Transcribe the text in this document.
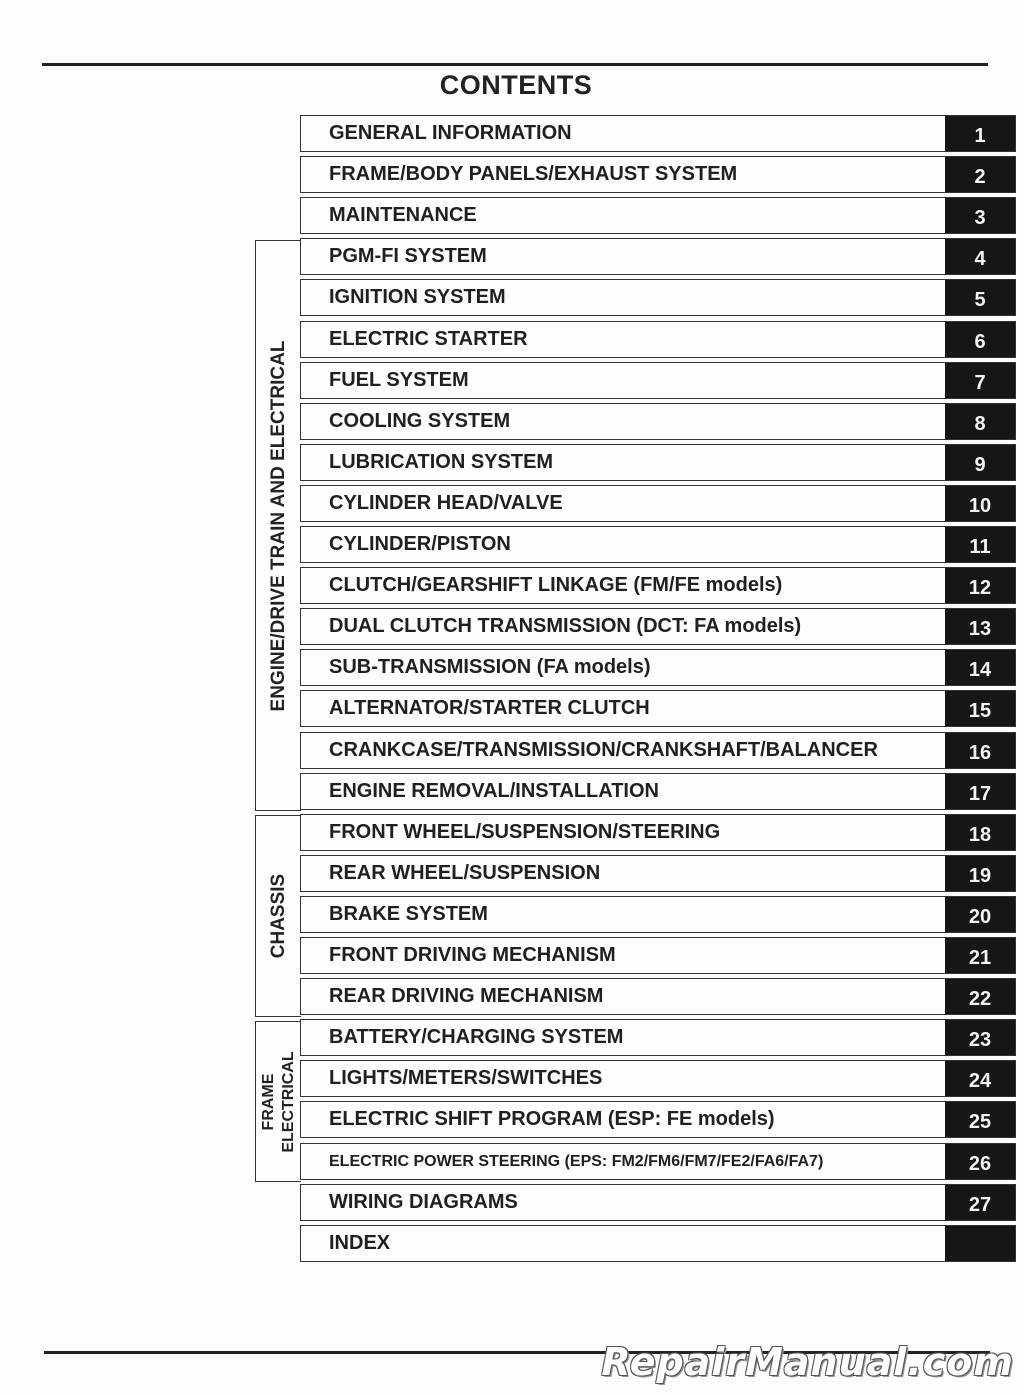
CONTENTS
ENGINE/DRIVE TRAIN AND ELECTRICAL
CHASSIS
FRAME ELECTRICAL
GENERAL INFORMATION	1
FRAME/BODY PANELS/EXHAUST SYSTEM	2
MAINTENANCE	3
PGM-FI SYSTEM	4
IGNITION SYSTEM	5
ELECTRIC STARTER	6
FUEL SYSTEM	7
COOLING SYSTEM	8
LUBRICATION SYSTEM	9
CYLINDER HEAD/VALVE	10
CYLINDER/PISTON	11
CLUTCH/GEARSHIFT LINKAGE (FM/FE models)	12
DUAL CLUTCH TRANSMISSION (DCT: FA models)	13
SUB-TRANSMISSION (FA models)	14
ALTERNATOR/STARTER CLUTCH	15
CRANKCASE/TRANSMISSION/CRANKSHAFT/BALANCER	16
ENGINE REMOVAL/INSTALLATION	17
FRONT WHEEL/SUSPENSION/STEERING	18
REAR WHEEL/SUSPENSION	19
BRAKE SYSTEM	20
FRONT DRIVING MECHANISM	21
REAR DRIVING MECHANISM	22
BATTERY/CHARGING SYSTEM	23
LIGHTS/METERS/SWITCHES	24
ELECTRIC SHIFT PROGRAM (ESP: FE models)	25
ELECTRIC POWER STEERING (EPS: FM2/FM6/FM7/FE2/FA6/FA7)	26
WIRING DIAGRAMS	27
INDEX
RepairManual.com
